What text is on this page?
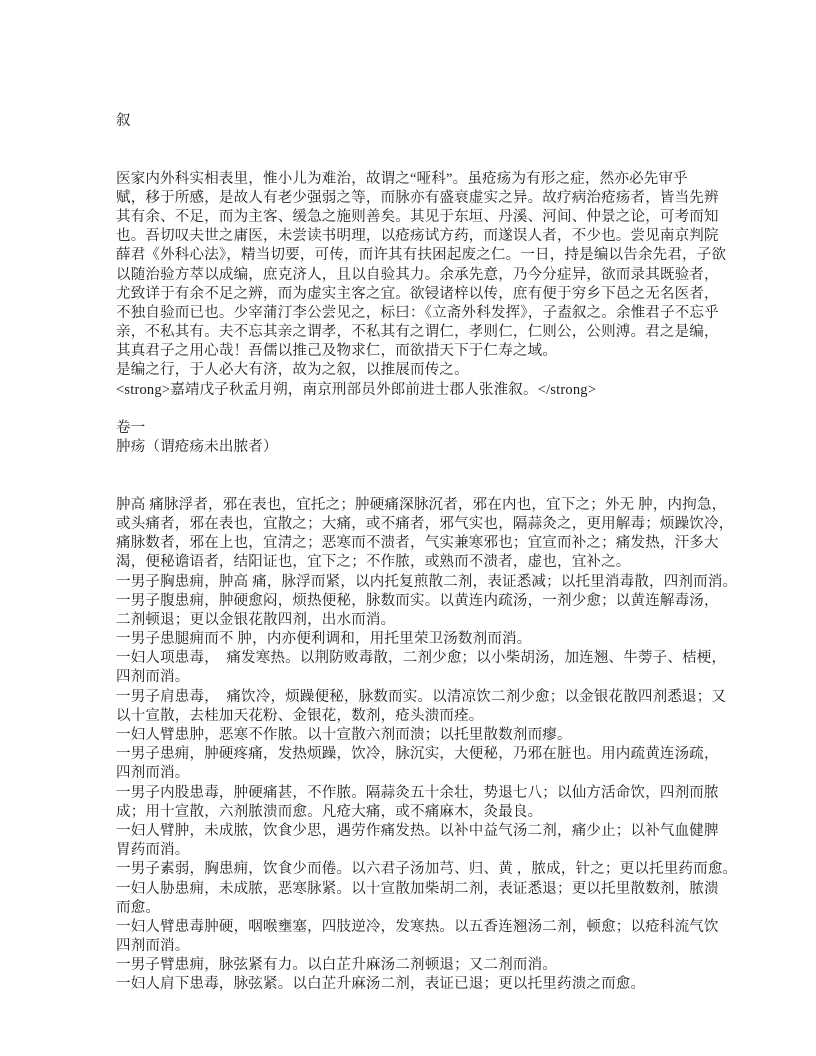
叙
医家内外科实相表里，惟小儿为难治，故谓之“哑科”。虽疮疡为有形之症，然亦必先审乎
赋，移于所感，是故人有老少强弱之等，而脉亦有盛衰虚实之异。故疗病治疮疡者，皆当先辨
其有余、不足，而为主客、缓急之施则善矣。其见于东垣、丹溪、河间、仲景之论，可考而知
也。吾切叹夫世之庸医，未尝读书明理，以疮疡试方药，而遂误人者，不少也。尝见南京判院
薛君《外科心法》，精当切要，可传，而许其有扶困起废之仁。一日，持是编以告余先君，子欲
以随治验方萃以成编，庶克济人，且以自验其力。余承先意，乃今分症异，欲而录其既验者，
尤致详于有余不足之辨，而为虚实主客之宜。欲锓诸梓以传，庶有便于穷乡下邑之无名医者，
不独自验而已也。少宰蒲汀李公尝见之，标曰：《立斋外科发挥》，子盍叙之。余惟君子不忘乎
亲，不私其有。夫不忘其亲之谓孝，不私其有之谓仁，孝则仁，仁则公，公则溥。君之是编，
其真君子之用心哉！吾儒以推己及物求仁，而欲措天下于仁寿之域。
是编之行，于人必大有济，故为之叙，以推展而传之。
<strong>嘉靖戊子秋孟月朔，南京刑部员外郎前进士郡人张淮叙。</strong>
卷一
肿疡（谓疮疡未出脓者）
肿高 痛脉浮者，邪在表也，宜托之；肿硬痛深脉沉者，邪在内也，宜下之；外无 肿，内拘急，
或头痛者，邪在表也，宜散之；大痛，或不痛者，邪气实也，隔蒜灸之，更用解毒；烦躁饮冷，
痛脉数者，邪在上也，宜清之；恶寒而不溃者，气实兼寒邪也；宜宣而补之；痛发热，汗多大
渴，便秘谵语者，结阳证也，宜下之；不作脓，或熟而不溃者，虚也，宜补之。
一男子胸患痈，肿高 痛，脉浮而紧，以内托复煎散二剂，表证悉减；以托里消毒散，四剂而消。
一男子腹患痈，肿硬愈闷，烦热便秘，脉数而实。以黄连内疏汤，一剂少愈；以黄连解毒汤，
二剂顿退；更以金银花散四剂，出水而消。
一男子患腿痈而不 肿，内亦便利调和，用托里荣卫汤数剂而消。
一妇人项患毒，　痛发寒热。以荆防败毒散，二剂少愈；以小柴胡汤，加连翘、牛蒡子、桔梗，
四剂而消。
一男子肩患毒，　痛饮冷，烦躁便秘，脉数而实。以清凉饮二剂少愈；以金银花散四剂悉退；又
以十宣散，去桂加天花粉、金银花，数剂，疮头溃而痊。
一妇人臂患肿，恶寒不作脓。以十宣散六剂而溃；以托里散数剂而瘳。
一男子患痈，肿硬疼痛，发热烦躁，饮冷，脉沉实，大便秘，乃邪在脏也。用内疏黄连汤疏，
四剂而消。
一男子内股患毒，肿硬痛甚，不作脓。隔蒜灸五十余壮，势退七八；以仙方活命饮，四剂而脓
成；用十宣散，六剂脓溃而愈。凡疮大痛，或不痛麻木，灸最良。
一妇人臂肿，未成脓，饮食少思，遇劳作痛发热。以补中益气汤二剂，痛少止；以补气血健脾
胃药而消。
一男子素弱，胸患痈，饮食少而倦。以六君子汤加芎、归、黄 ，脓成，针之；更以托里药而愈。
一妇人胁患痈，未成脓，恶寒脉紧。以十宣散加柴胡二剂，表证悉退；更以托里散数剂，脓溃
而愈。
一妇人臂患毒肿硬，咽喉壅塞，四肢逆冷，发寒热。以五香连翘汤二剂，顿愈；以疮科流气饮
四剂而消。
一男子臂患痈，脉弦紧有力。以白芷升麻汤二剂顿退；又二剂而消。
一妇人肩下患毒，脉弦紧。以白芷升麻汤二剂，表证已退；更以托里药溃之而愈。
